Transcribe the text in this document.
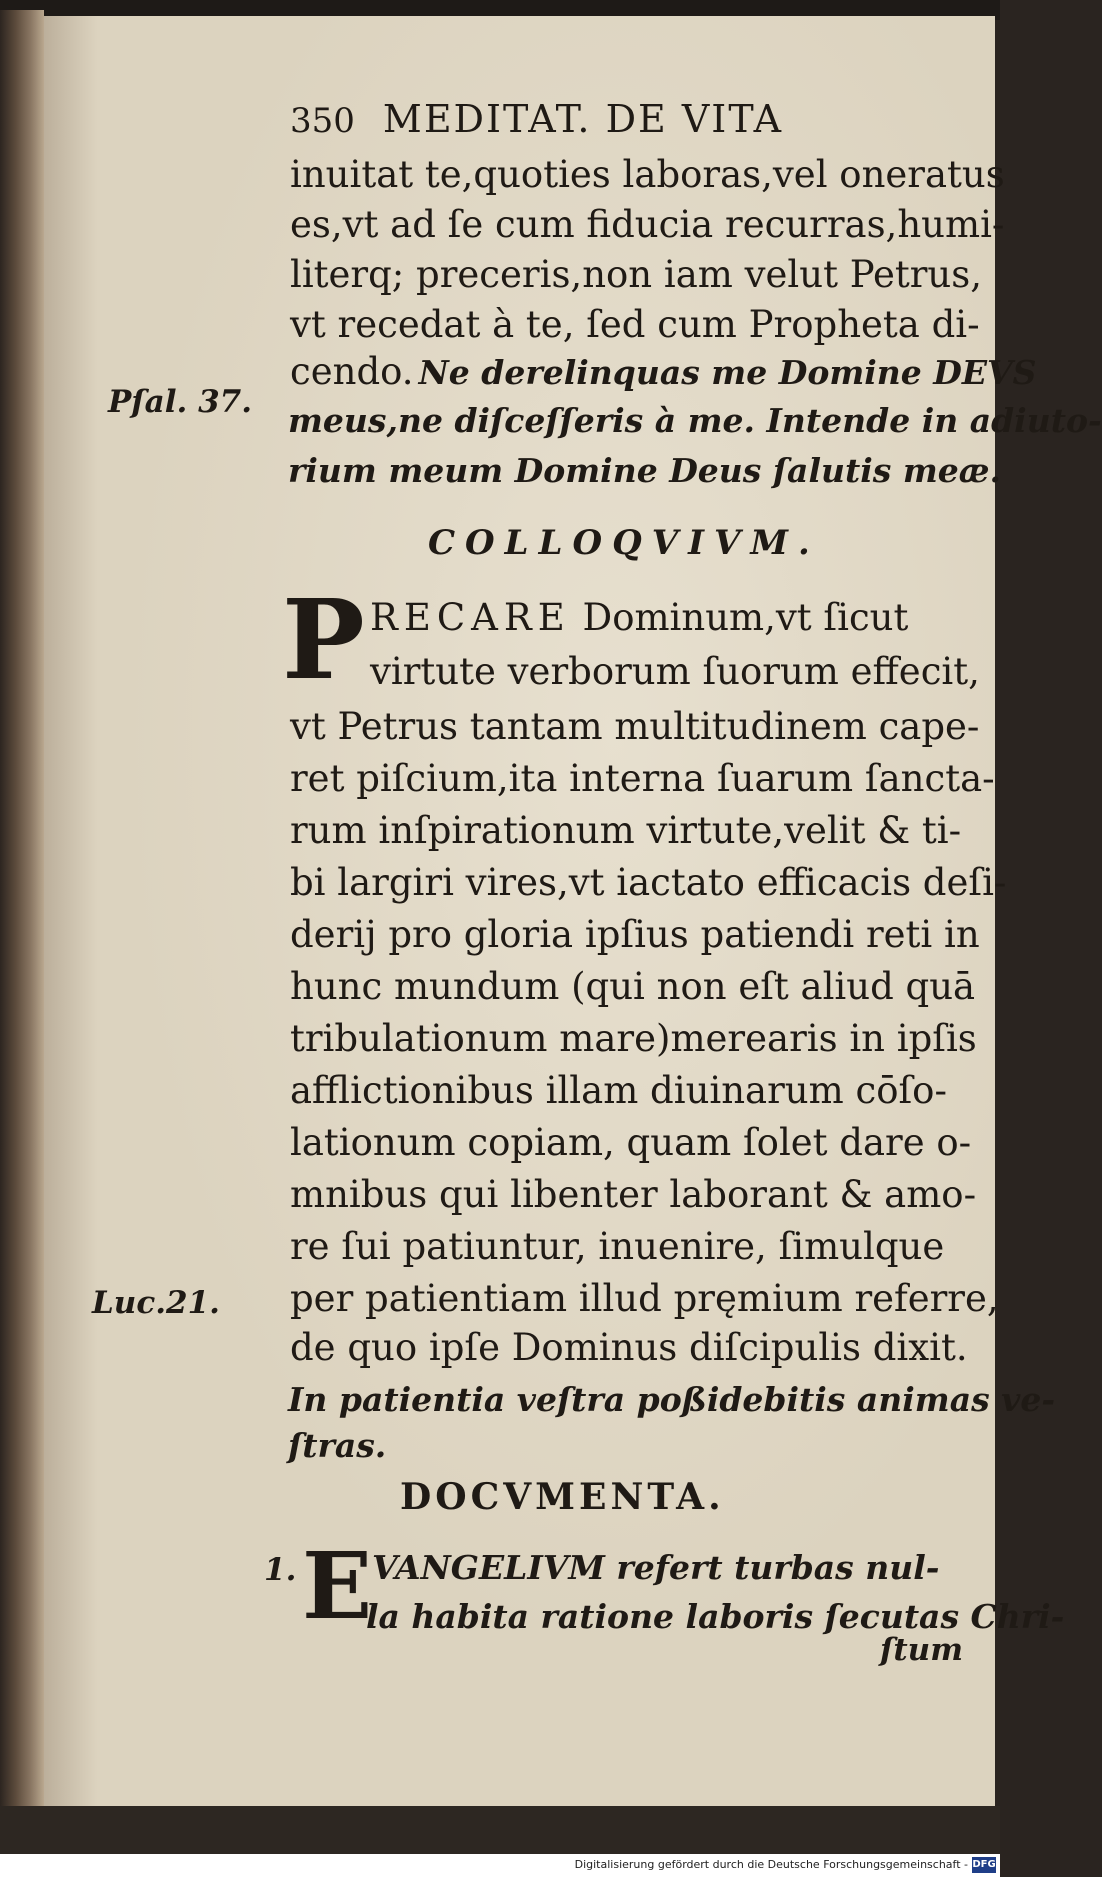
350 MEDITAT. DE VITA
inuitat te,quoties laboras,vel oneratus
es,vt ad ſe cum fiducia recurras,humi-
literq; preceris,non iam velut Petrus,
vt recedat à te, ſed cum Propheta di-
cendo. Ne derelinquas me Domine DEVS
meus,ne diſceſſeris à me. Intende in adiuto-
rium meum Domine Deus ſalutis meæ.
Pſal. 37.
Luc.21.
COLLOQVIVM.
P RECARE Dominum,vt ſicut
virtute verborum ſuorum effecit,
vt Petrus tantam multitudinem cape-
ret piſcium,ita interna ſuarum ſancta-
rum inſpirationum virtute,velit & ti-
bi largiri vires,vt iactato efficacis deſi-
derij pro gloria ipſius patiendi reti in
hunc mundum (qui non eſt aliud quā
tribulationum mare)merearis in ipſis
afflictionibus illam diuinarum cōſo-
lationum copiam, quam ſolet dare o-
mnibus qui libenter laborant & amo-
re ſui patiuntur, inuenire, ſimulque
per patientiam illud pręmium referre,
de quo ipſe Dominus diſcipulis dixit.
In patientia veſtra poßidebitis animas ve-
ſtras.
DOCVMENTA.
1. E VANGELIVM refert turbas nul-
la habita ratione laboris ſecutas Chri-
ſtum
Digitalisierung gefördert durch die Deutsche Forschungsgemeinschaft - DFG
